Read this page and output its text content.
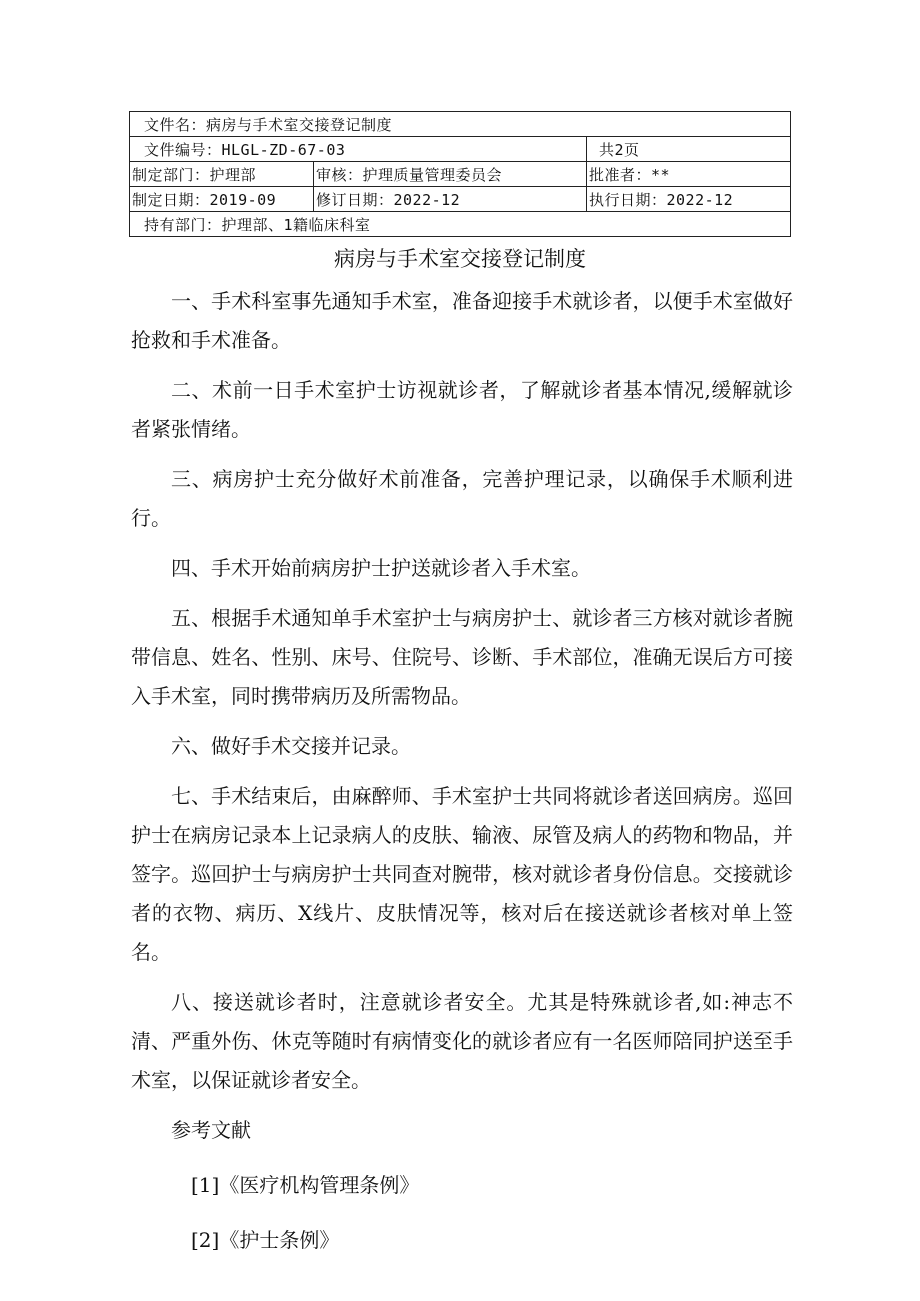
文件名：病房与手术室交接登记制度		
文件编号：HLGL-ZD-67-03		共2页
制定部门：护理部	审核：护理质量管理委员会	批准者：**
制定日期：2019-09	修订日期：2022-12	执行日期：2022-12
持有部门：护理部、1籍临床科室		
病房与手术室交接登记制度

一、手术科室事先通知手术室，准备迎接手术就诊者，以便手术室做好抢救和手术准备。

二、术前一日手术室护士访视就诊者，了解就诊者基本情况,缓解就诊者紧张情绪。

三、病房护士充分做好术前准备，完善护理记录，以确保手术顺利进行。

四、手术开始前病房护士护送就诊者入手术室。

五、根据手术通知单手术室护士与病房护士、就诊者三方核对就诊者腕带信息、姓名、性别、床号、住院号、诊断、手术部位，准确无误后方可接入手术室，同时携带病历及所需物品。

六、做好手术交接并记录。

七、手术结束后，由麻醉师、手术室护士共同将就诊者送回病房。巡回护士在病房记录本上记录病人的皮肤、输液、尿管及病人的药物和物品，并签字。巡回护士与病房护士共同查对腕带，核对就诊者身份信息。交接就诊者的衣物、病历、X线片、皮肤情况等，核对后在接送就诊者核对单上签名。

八、接送就诊者时，注意就诊者安全。尤其是特殊就诊者,如:神志不清、严重外伤、休克等随时有病情变化的就诊者应有一名医师陪同护送至手术室，以保证就诊者安全。

参考文献

[1]《医疗机构管理条例》

[2]《护士条例》
